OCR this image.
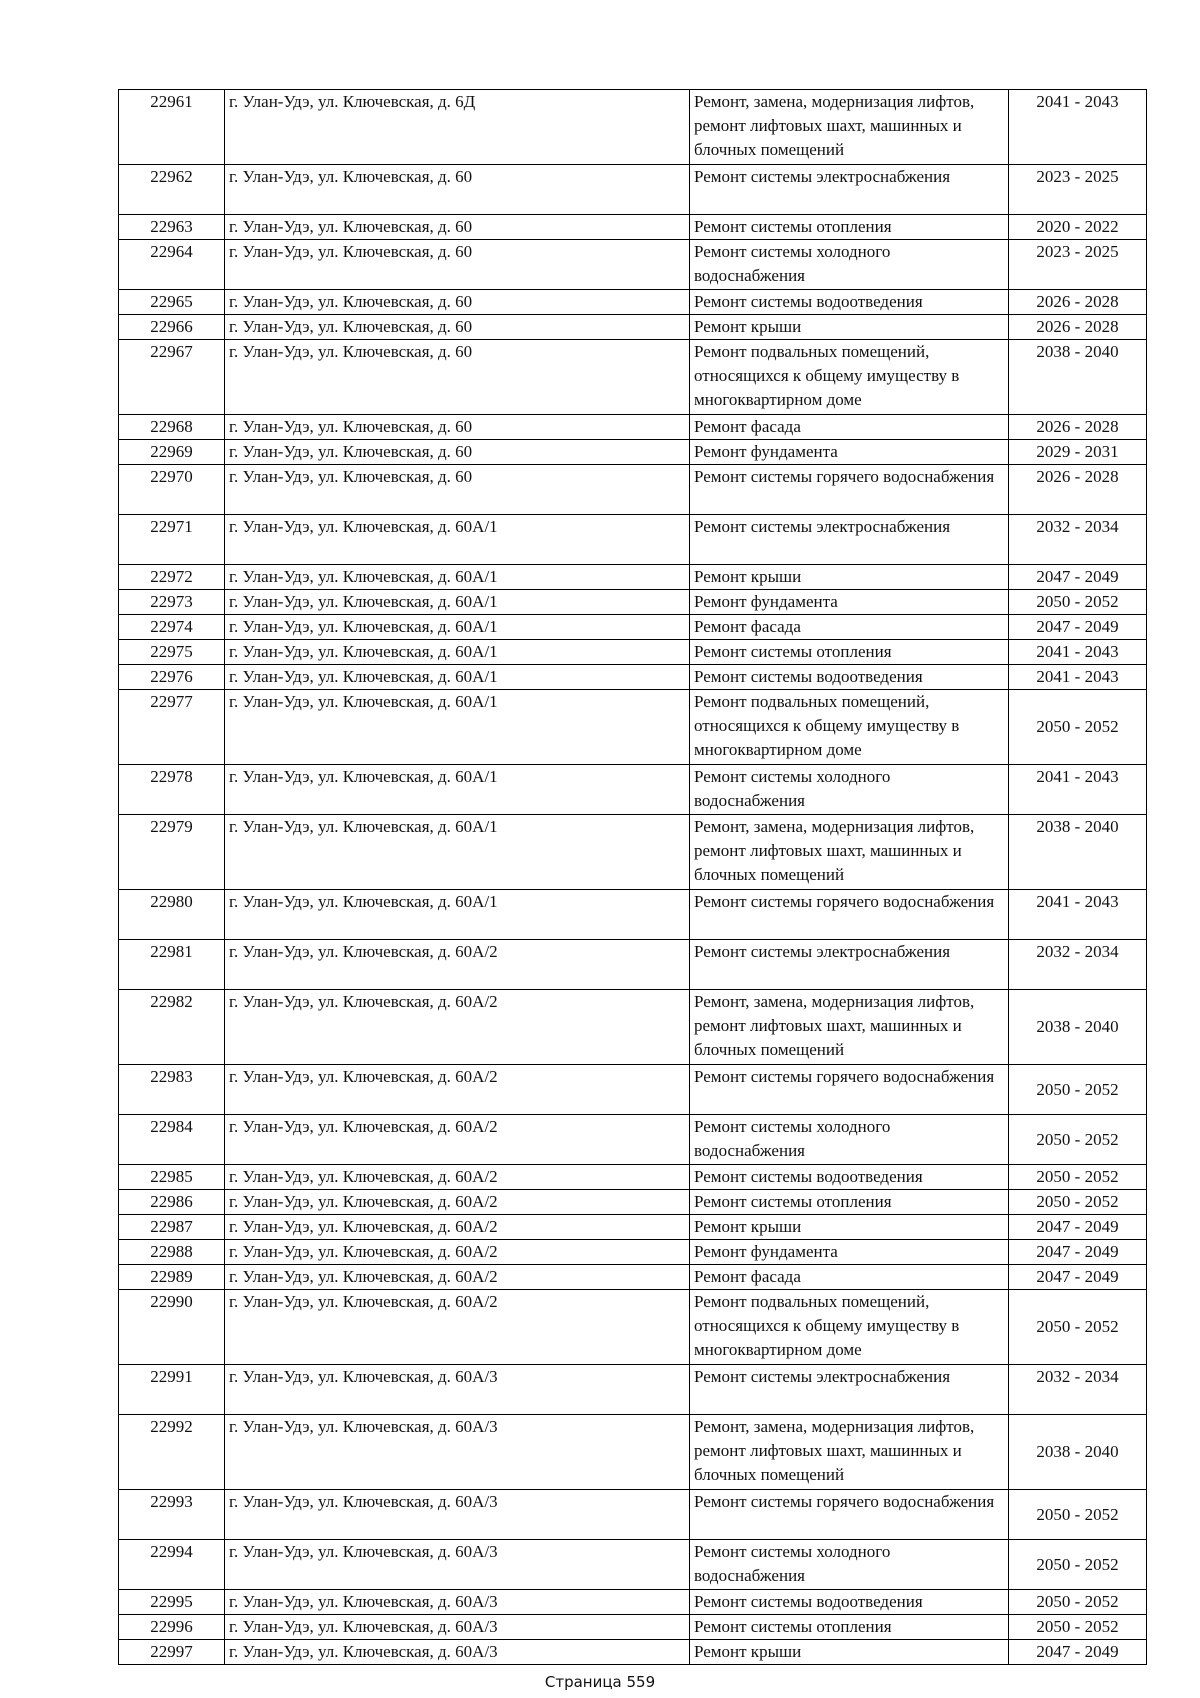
22961	г. Улан-Удэ, ул. Ключевская, д. 6Д	Ремонт, замена, модернизация лифтов, ремонт лифтовых шахт, машинных и блочных помещений	2041 - 2043
22962	г. Улан-Удэ, ул. Ключевская, д. 60	Ремонт системы электроснабжения	2023 - 2025
22963	г. Улан-Удэ, ул. Ключевская, д. 60	Ремонт системы отопления	2020 - 2022
22964	г. Улан-Удэ, ул. Ключевская, д. 60	Ремонт системы холодного водоснабжения	2023 - 2025
22965	г. Улан-Удэ, ул. Ключевская, д. 60	Ремонт системы водоотведения	2026 - 2028
22966	г. Улан-Удэ, ул. Ключевская, д. 60	Ремонт крыши	2026 - 2028
22967	г. Улан-Удэ, ул. Ключевская, д. 60	Ремонт подвальных помещений, относящихся к общему имуществу в многоквартирном доме	2038 - 2040
22968	г. Улан-Удэ, ул. Ключевская, д. 60	Ремонт фасада	2026 - 2028
22969	г. Улан-Удэ, ул. Ключевская, д. 60	Ремонт фундамента	2029 - 2031
22970	г. Улан-Удэ, ул. Ключевская, д. 60	Ремонт системы горячего водоснабжения	2026 - 2028
22971	г. Улан-Удэ, ул. Ключевская, д. 60А/1	Ремонт системы электроснабжения	2032 - 2034
22972	г. Улан-Удэ, ул. Ключевская, д. 60А/1	Ремонт крыши	2047 - 2049
22973	г. Улан-Удэ, ул. Ключевская, д. 60А/1	Ремонт фундамента	2050 - 2052
22974	г. Улан-Удэ, ул. Ключевская, д. 60А/1	Ремонт фасада	2047 - 2049
22975	г. Улан-Удэ, ул. Ключевская, д. 60А/1	Ремонт системы отопления	2041 - 2043
22976	г. Улан-Удэ, ул. Ключевская, д. 60А/1	Ремонт системы водоотведения	2041 - 2043
22977	г. Улан-Удэ, ул. Ключевская, д. 60А/1	Ремонт подвальных помещений, относящихся к общему имуществу в многоквартирном доме	2050 - 2052
22978	г. Улан-Удэ, ул. Ключевская, д. 60А/1	Ремонт системы холодного водоснабжения	2041 - 2043
22979	г. Улан-Удэ, ул. Ключевская, д. 60А/1	Ремонт, замена, модернизация лифтов, ремонт лифтовых шахт, машинных и блочных помещений	2038 - 2040
22980	г. Улан-Удэ, ул. Ключевская, д. 60А/1	Ремонт системы горячего водоснабжения	2041 - 2043
22981	г. Улан-Удэ, ул. Ключевская, д. 60А/2	Ремонт системы электроснабжения	2032 - 2034
22982	г. Улан-Удэ, ул. Ключевская, д. 60А/2	Ремонт, замена, модернизация лифтов, ремонт лифтовых шахт, машинных и блочных помещений	2038 - 2040
22983	г. Улан-Удэ, ул. Ключевская, д. 60А/2	Ремонт системы горячего водоснабжения	2050 - 2052
22984	г. Улан-Удэ, ул. Ключевская, д. 60А/2	Ремонт системы холодного водоснабжения	2050 - 2052
22985	г. Улан-Удэ, ул. Ключевская, д. 60А/2	Ремонт системы водоотведения	2050 - 2052
22986	г. Улан-Удэ, ул. Ключевская, д. 60А/2	Ремонт системы отопления	2050 - 2052
22987	г. Улан-Удэ, ул. Ключевская, д. 60А/2	Ремонт крыши	2047 - 2049
22988	г. Улан-Удэ, ул. Ключевская, д. 60А/2	Ремонт фундамента	2047 - 2049
22989	г. Улан-Удэ, ул. Ключевская, д. 60А/2	Ремонт фасада	2047 - 2049
22990	г. Улан-Удэ, ул. Ключевская, д. 60А/2	Ремонт подвальных помещений, относящихся к общему имуществу в многоквартирном доме	2050 - 2052
22991	г. Улан-Удэ, ул. Ключевская, д. 60А/3	Ремонт системы электроснабжения	2032 - 2034
22992	г. Улан-Удэ, ул. Ключевская, д. 60А/3	Ремонт, замена, модернизация лифтов, ремонт лифтовых шахт, машинных и блочных помещений	2038 - 2040
22993	г. Улан-Удэ, ул. Ключевская, д. 60А/3	Ремонт системы горячего водоснабжения	2050 - 2052
22994	г. Улан-Удэ, ул. Ключевская, д. 60А/3	Ремонт системы холодного водоснабжения	2050 - 2052
22995	г. Улан-Удэ, ул. Ключевская, д. 60А/3	Ремонт системы водоотведения	2050 - 2052
22996	г. Улан-Удэ, ул. Ключевская, д. 60А/3	Ремонт системы отопления	2050 - 2052
22997	г. Улан-Удэ, ул. Ключевская, д. 60А/3	Ремонт крыши	2047 - 2049
Страница 559
